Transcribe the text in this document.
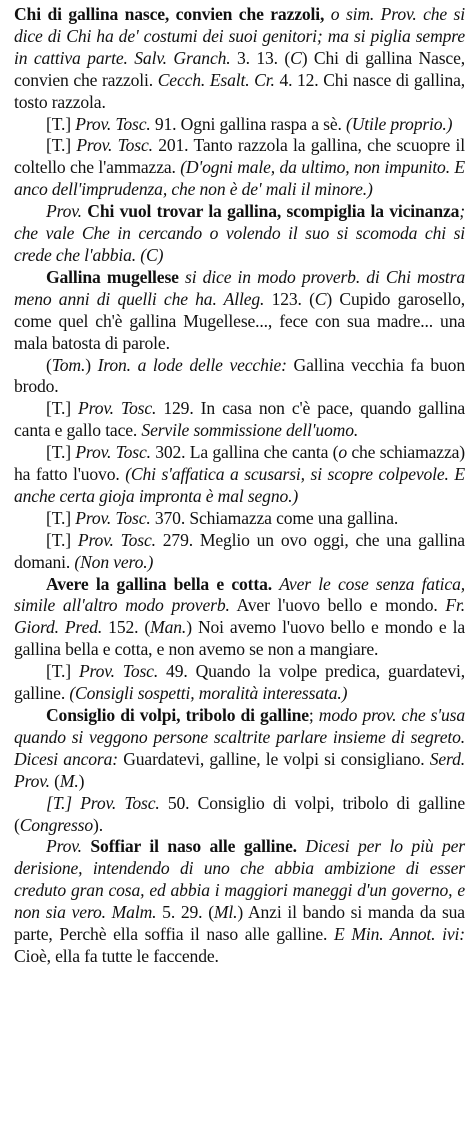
Chi di gallina nasce, convien che razzoli, o sim. Prov. che si dice di Chi ha de' costumi dei suoi genitori; ma si piglia sempre in cattiva parte. Salv. Granch. 3. 13. (C) Chi di gallina Nasce, convien che razzoli. Cecch. Esalt. Cr. 4. 12. Chi nasce di gallina, tosto razzola.

[T.] Prov. Tosc. 91. Ogni gallina raspa a sè. (Utile proprio.)

[T.] Prov. Tosc. 201. Tanto razzola la gallina, che scuopre il coltello che l'ammazza. (D'ogni male, da ultimo, non impunito. E anco dell'imprudenza, che non è de' mali il minore.)

Prov. Chi vuol trovar la gallina, scompiglia la vicinanza; che vale Che in cercando o volendo il suo si scomoda chi si crede che l'abbia. (C)

Gallina mugellese si dice in modo proverb. di Chi mostra meno anni di quelli che ha. Alleg. 123. (C) Cupido garosello, come quel ch'è gallina Mugellese..., fece con sua madre... una mala batosta di parole.

(Tom.) Iron. a lode delle vecchie: Gallina vecchia fa buon brodo.

[T.] Prov. Tosc. 129. In casa non c'è pace, quando gallina canta e gallo tace. Servile sommissione dell'uomo.

[T.] Prov. Tosc. 302. La gallina che canta (o che schiamazza) ha fatto l'uovo. (Chi s'affatica a scusarsi, si scopre colpevole. E anche certa gioja impronta è mal segno.)

[T.] Prov. Tosc. 370. Schiamazza come una gallina.

[T.] Prov. Tosc. 279. Meglio un ovo oggi, che una gallina domani. (Non vero.)

Avere la gallina bella e cotta. Aver le cose senza fatica, simile all'altro modo proverb. Aver l'uovo bello e mondo. Fr. Giord. Pred. 152. (Man.) Noi avemo l'uovo bello e mondo e la gallina bella e cotta, e non avemo se non a mangiare.

[T.] Prov. Tosc. 49. Quando la volpe predica, guardatevi, galline. (Consigli sospetti, moralità interessata.)

Consiglio di volpi, tribolo di galline; modo prov. che s'usa quando si veggono persone scaltrite parlare insieme di segreto. Dicesi ancora: Guardatevi, galline, le volpi si consigliano. Serd. Prov. (M.)

[T.] Prov. Tosc. 50. Consiglio di volpi, tribolo di galline (Congresso).

Prov. Soffiar il naso alle galline. Dicesi per lo più per derisione, intendendo di uno che abbia ambizione di esser creduto gran cosa, ed abbia i maggiori maneggi d'un governo, e non sia vero. Malm. 5. 29. (Ml.) Anzi il bando si manda da sua parte, Perchè ella soffia il naso alle galline. E Min. Annot. ivi: Cioè, ella fa tutte le faccende.
